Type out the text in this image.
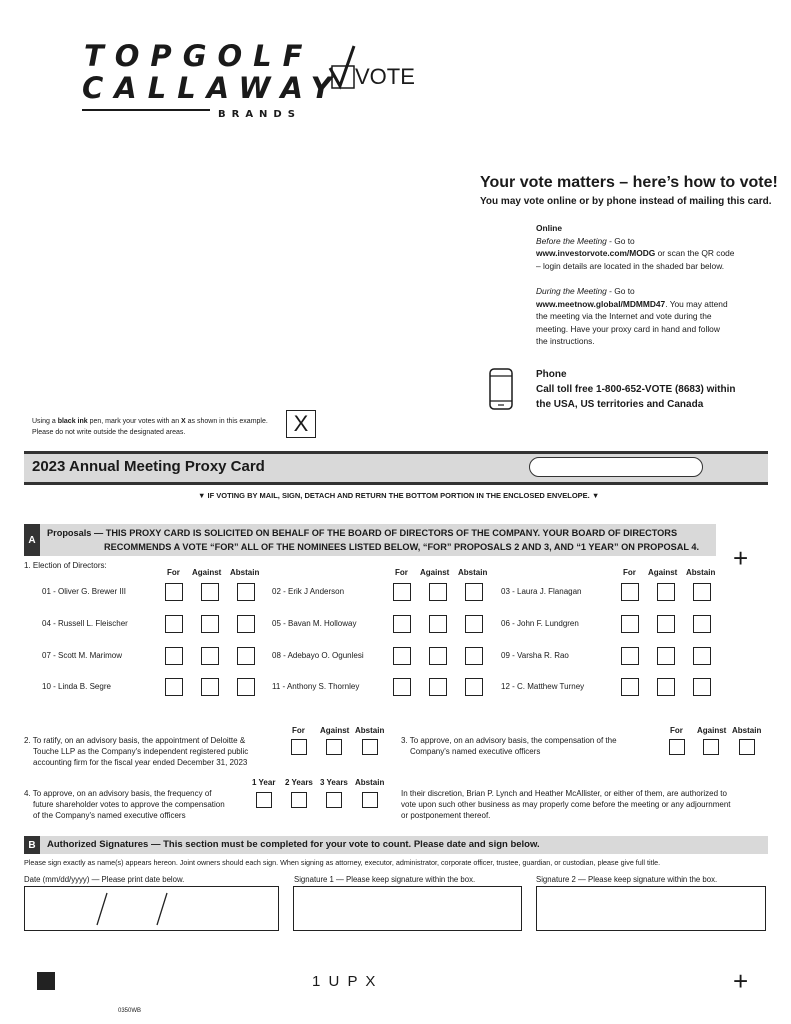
TOPGOLF
CALLAWAY
BRANDS
VOTE
Your vote matters – here’s how to vote!
You may vote online or by phone instead of mailing this card.
Online
Before the Meeting - Go to
www.investorvote.com/MODG or scan the QR code
– login details are located in the shaded bar below.
During the Meeting - Go to
www.meetnow.global/MDMMD47. You may attend
the meeting via the Internet and vote during the
meeting. Have your proxy card in hand and follow
the instructions.
Phone
Call toll free 1-800-652-VOTE (8683) within
the USA, US territories and Canada
Using a black ink pen, mark your votes with an X as shown in this example.
Please do not write outside the designated areas.	X
2023 Annual Meeting Proxy Card
▼ IF VOTING BY MAIL, SIGN, DETACH AND RETURN THE BOTTOM PORTION IN THE ENCLOSED ENVELOPE. ▼
A
Proposals — THIS PROXY CARD IS SOLICITED ON BEHALF OF THE BOARD OF DIRECTORS OF THE COMPANY. YOUR BOARD OF DIRECTORS
RECOMMENDS A VOTE “FOR” ALL OF THE NOMINEES LISTED BELOW, “FOR” PROPOSALS 2 AND 3, AND “1 YEAR” ON PROPOSAL 4. +
1. Election of Directors:
For Against Abstain	For Against Abstain	For Against Abstain
01 - Oliver G. Brewer III	02 - Erik J Anderson	03 - Laura J. Flanagan
04 - Russell L. Fleischer	05 - Bavan M. Holloway	06 - John F. Lundgren
07 - Scott M. Marimow	08 - Adebayo O. Ogunlesi	09 - Varsha R. Rao
10 - Linda B. Segre	11 - Anthony S. Thornley	12 - C. Matthew Turney
2. To ratify, on an advisory basis, the appointment of Deloitte &
Touche LLP as the Company's independent registered public
accounting firm for the fiscal year ended December 31, 2023
For Against Abstain
3. To approve, on an advisory basis, the compensation of the
Company's named executive officers
For Against Abstain
4. To approve, on an advisory basis, the frequency of
future shareholder votes to approve the compensation
of the Company's named executive officers
1 Year 2 Years 3 Years Abstain
In their discretion, Brian P. Lynch and Heather McAllister, or either of them, are authorized to
vote upon such other business as may properly come before the meeting or any adjournment
or postponement thereof.
B	Authorized Signatures — This section must be completed for your vote to count. Please date and sign below.
Please sign exactly as name(s) appears hereon. Joint owners should each sign. When signing as attorney, executor, administrator, corporate officer, trustee, guardian, or custodian, please give full title.
Date (mm/dd/yyyy) — Please print date below.	Signature 1 — Please keep signature within the box.	Signature 2 — Please keep signature within the box.
1 U P X	+
0350WB
